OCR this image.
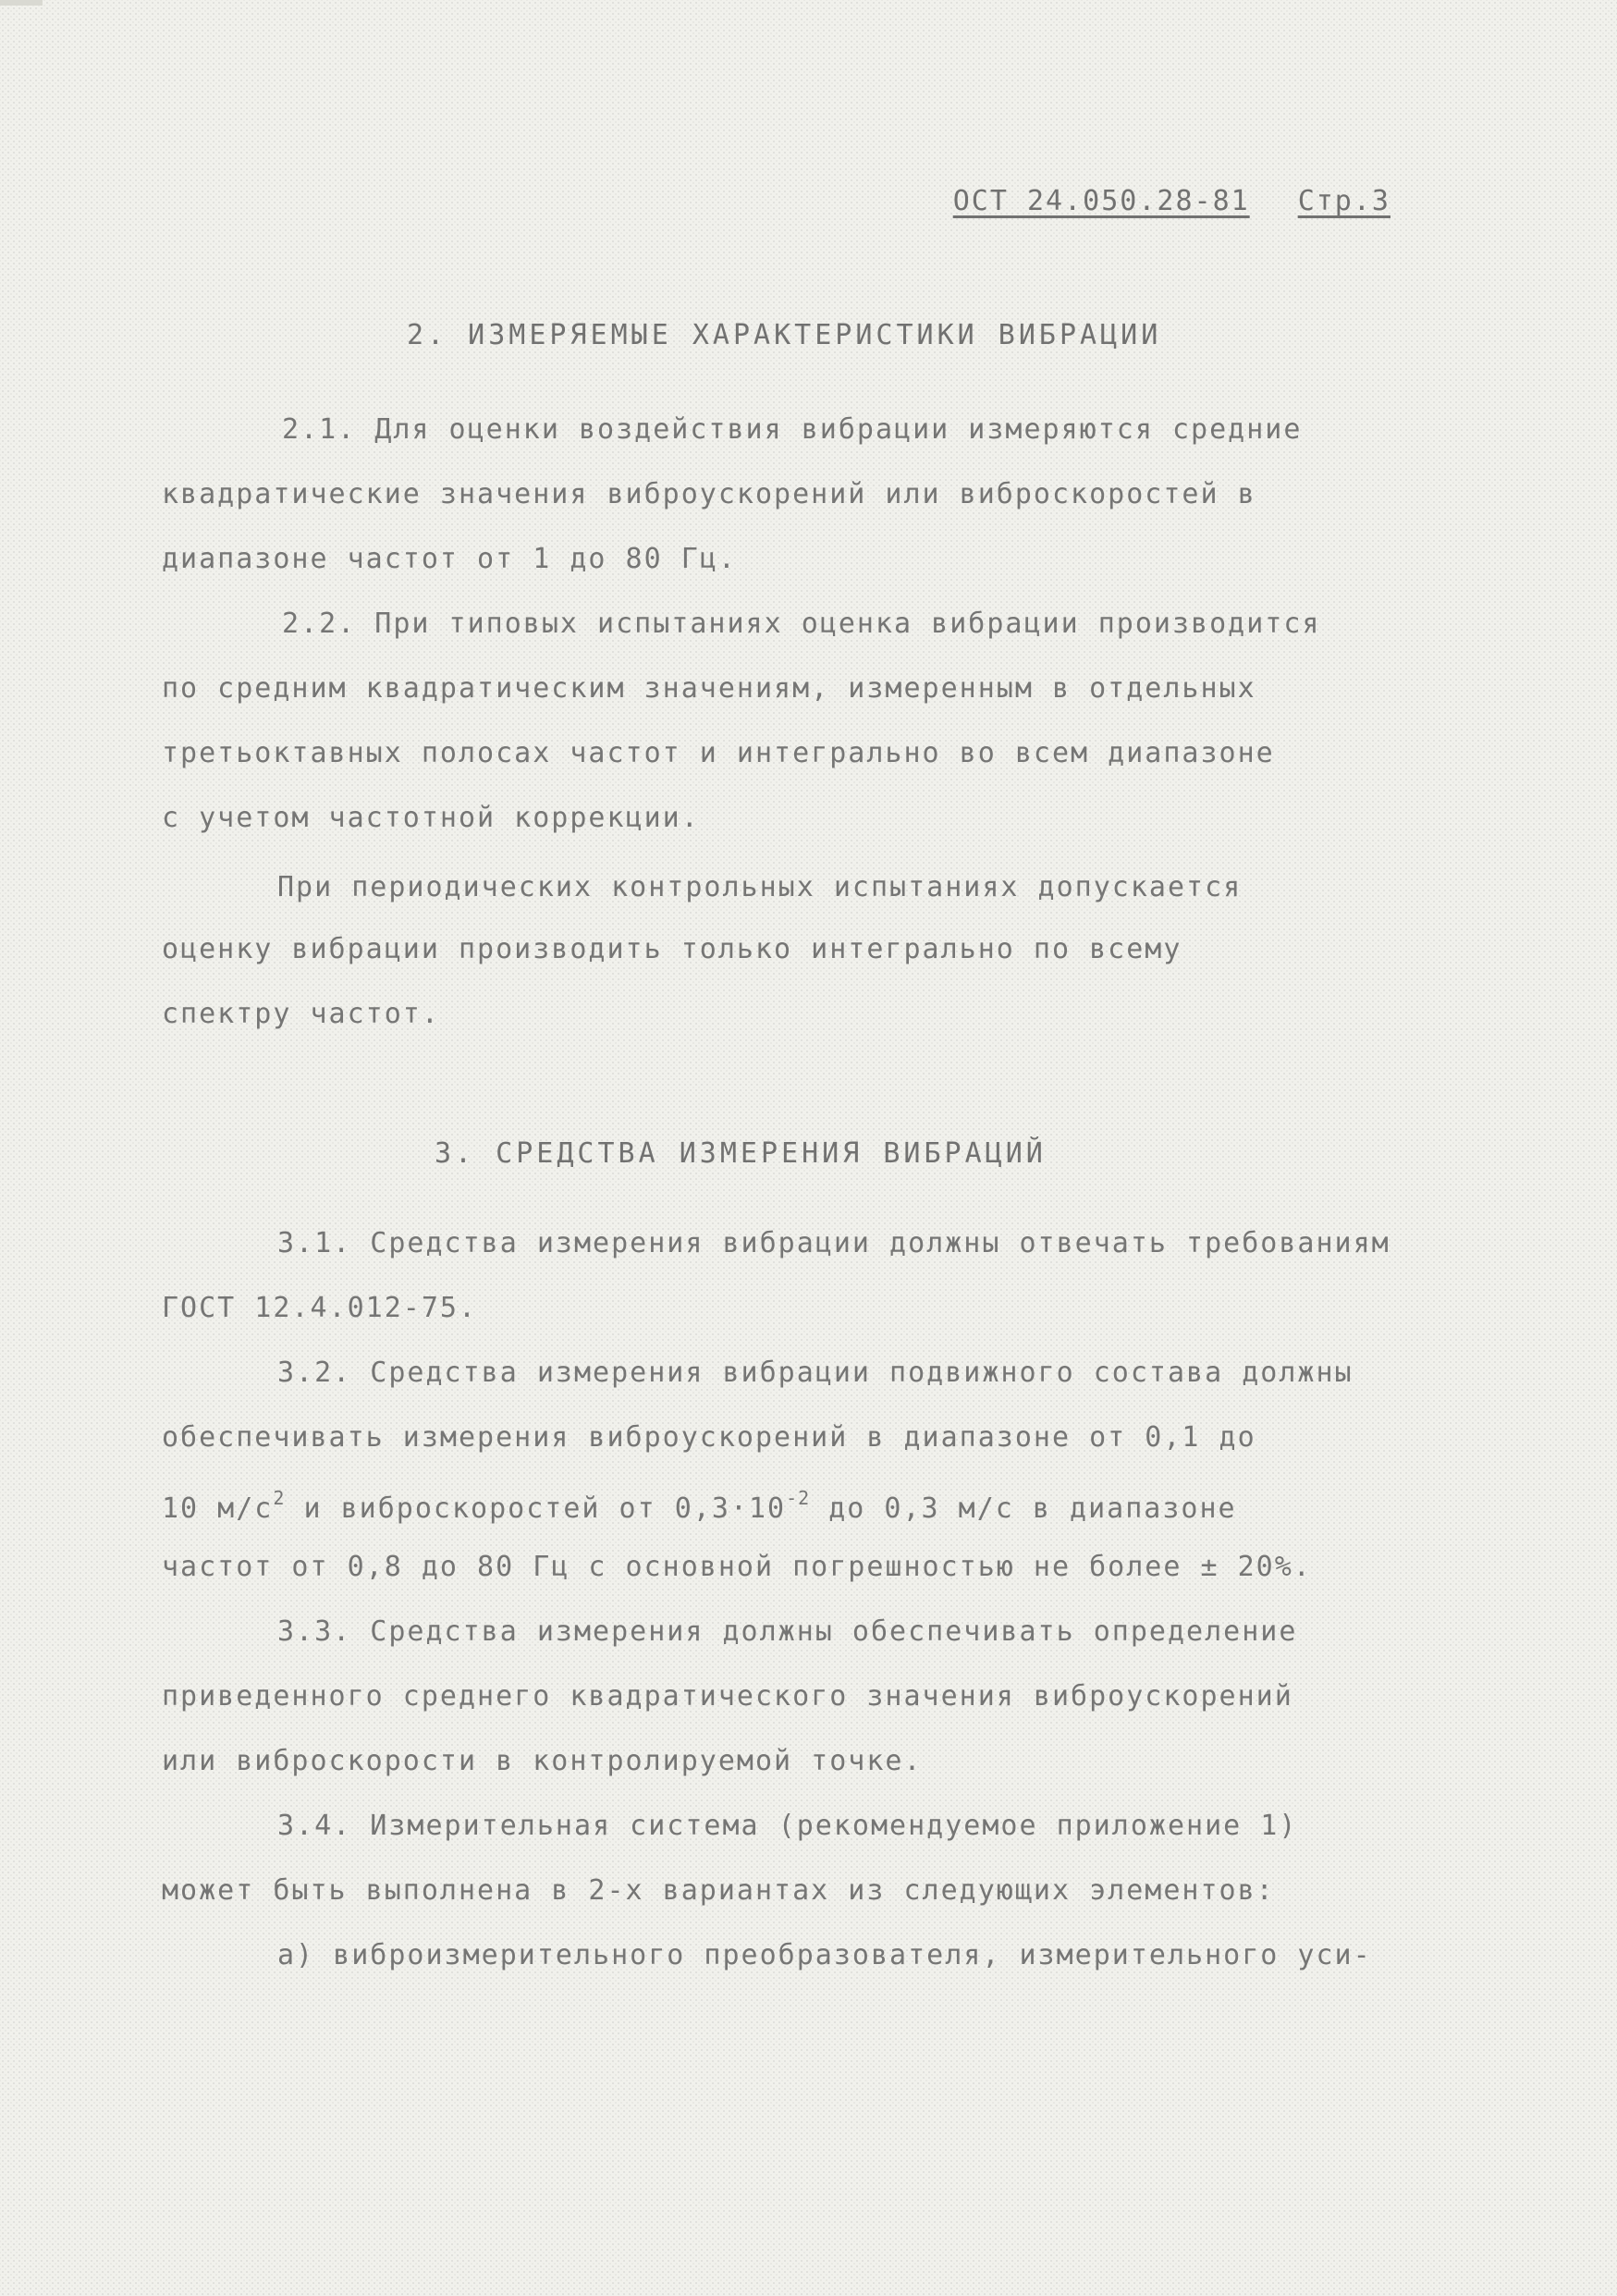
ОСТ 24.050.28-81 Стр.3
2. ИЗМЕРЯЕМЫЕ ХАРАКТЕРИСТИКИ ВИБРАЦИИ
2.1. Для оценки воздействия вибрации измеряются средние
квадратические значения виброускорений или виброскоростей в
диапазоне частот от 1 до 80 Гц.
2.2. При типовых испытаниях оценка вибрации производится
по средним квадратическим значениям, измеренным в отдельных
третьоктавных полосах частот и интегрально во всем диапазоне
с учетом частотной коррекции.
При периодических контрольных испытаниях допускается
оценку вибрации производить только интегрально по всему
спектру частот.
3. СРЕДСТВА ИЗМЕРЕНИЯ ВИБРАЦИЙ
3.1. Средства измерения вибрации должны отвечать требованиям
ГОСТ 12.4.012-75.
3.2. Средства измерения вибрации подвижного состава должны
обеспечивать измерения виброускорений в диапазоне от 0,1 до
10 $м/с^2$ и виброскоростей от $0,3\cdot 10^{-2}$ до 0,3 м/с в диапазоне
частот от 0,8 до 80 Гц с основной погрешностью не более ± 20%.
3.3. Средства измерения должны обеспечивать определение
приведенного среднего квадратического значения виброускорений
или виброскорости в контролируемой точке.
3.4. Измерительная система (рекомендуемое приложение 1)
может быть выполнена в 2-х вариантах из следующих элементов:
а) виброизмерительного преобразователя, измерительного уси-
